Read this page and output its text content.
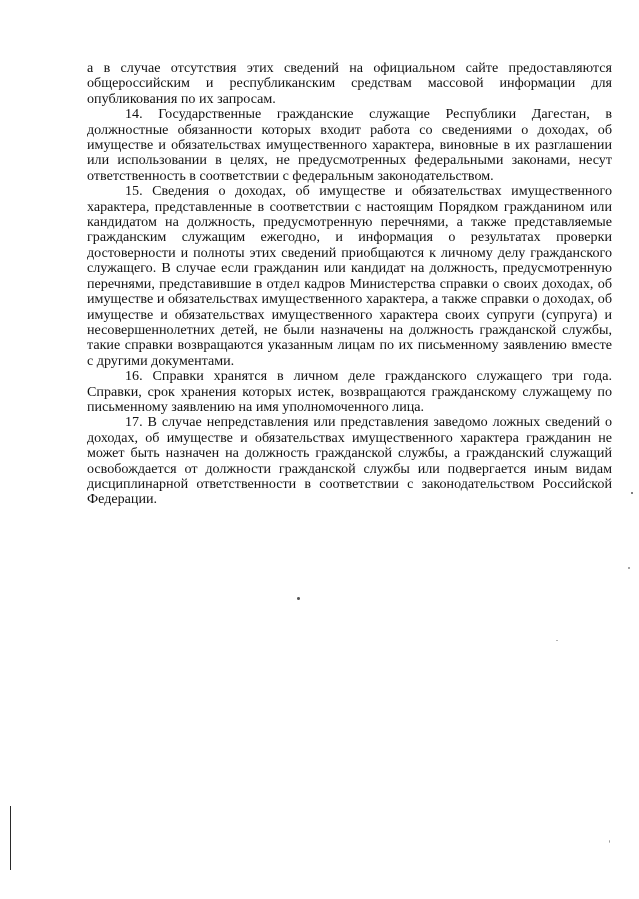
а в случае отсутствия этих сведений на официальном сайте предоставляются общероссийским и республиканским средствам массовой информации для опубликования по их запросам.

14. Государственные гражданские служащие Республики Дагестан, в должностные обязанности которых входит работа со сведениями о доходах, об имуществе и обязательствах имущественного характера, виновные в их разглашении или использовании в целях, не предусмотренных федеральными законами, несут ответственность в соответствии с федеральным законодательством.

15. Сведения о доходах, об имуществе и обязательствах имущественного характера, представленные в соответствии с настоящим Порядком гражданином или кандидатом на должность, предусмотренную перечнями, а также представляемые гражданским служащим ежегодно, и информация о результатах проверки достоверности и полноты этих сведений приобщаются к личному делу гражданского служащего. В случае если гражданин или кандидат на должность, предусмотренную перечнями, представившие в отдел кадров Министерства справки о своих доходах, об имуществе и обязательствах имущественного характера, а также справки о доходах, об имуществе и обязательствах имущественного характера своих супруги (супруга) и несовершеннолетних детей, не были назначены на должность гражданской службы, такие справки возвращаются указанным лицам по их письменному заявлению вместе с другими документами.

16. Справки хранятся в личном деле гражданского служащего три года. Справки, срок хранения которых истек, возвращаются гражданскому служащему по письменному заявлению на имя уполномоченного лица.

17. В случае непредставления или представления заведомо ложных сведений о доходах, об имуществе и обязательствах имущественного характера гражданин не может быть назначен на должность гражданской службы, а гражданский служащий освобождается от должности гражданской службы или подвергается иным видам дисциплинарной ответственности в соответствии с законодательством Российской Федерации.
